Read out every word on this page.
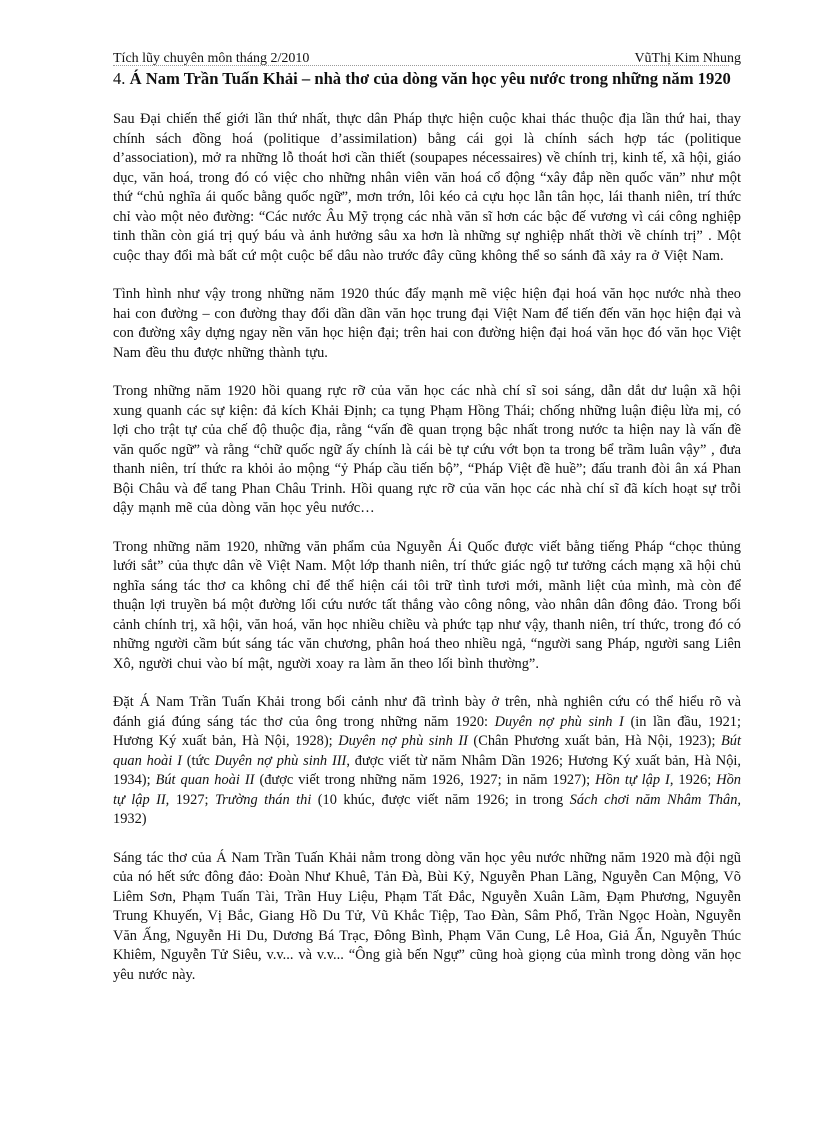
Tích lũy chuyên môn tháng 2/2010	VũThị Kim Nhung
4. Á Nam Trần Tuấn Khải – nhà thơ của dòng văn học yêu nước trong những năm 1920

Sau Đại chiến thế giới lần thứ nhất, thực dân Pháp thực hiện cuộc khai thác thuộc địa lần thứ hai, thay chính sách đồng hoá (politique d’assimilation) bằng cái gọi là chính sách hợp tác (politique d’association), mở ra những lỗ thoát hơi cần thiết (soupapes nécessaires) về chính trị, kinh tế, xã hội, giáo dục, văn hoá, trong đó có việc cho những nhân viên văn hoá cổ động “xây đắp nền quốc văn” như một thứ “chủ nghĩa ái quốc bằng quốc ngữ”, mơn trớn, lôi kéo cả cựu học lẫn tân học, lái thanh niên, trí thức chỉ vào một nẻo đường: “Các nước Âu Mỹ trọng các nhà văn sĩ hơn các bậc đế vương vì cái công nghiệp tinh thần còn giá trị quý báu và ảnh hưởng sâu xa hơn là những sự nghiệp nhất thời về chính trị” . Một cuộc thay đổi mà bất cứ một cuộc bể dâu nào trước đây cũng không thể so sánh đã xảy ra ở Việt Nam.

Tình hình như vậy trong những năm 1920 thúc đẩy mạnh mẽ việc hiện đại hoá văn học nước nhà theo hai con đường – con đường thay đổi dần dần văn học trung đại Việt Nam để tiến đến văn học hiện đại và con đường xây dựng ngay nền văn học hiện đại; trên hai con đường hiện đại hoá văn học đó văn học Việt Nam đều thu được những thành tựu.

Trong những năm 1920 hồi quang rực rỡ của văn học các nhà chí sĩ soi sáng, dẫn dắt dư luận xã hội xung quanh các sự kiện: đả kích Khải Định; ca tụng Phạm Hồng Thái; chống những luận điệu lừa mị, có lợi cho trật tự của chế độ thuộc địa, rằng “vấn đề quan trọng bậc nhất trong nước ta hiện nay là vấn đề văn quốc ngữ” và rằng “chữ quốc ngữ ấy chính là cái bè tự cứu vớt bọn ta trong bể trầm luân vậy” , đưa thanh niên, trí thức ra khỏi ảo mộng “ỷ Pháp cầu tiến bộ”, “Pháp Việt đề huề”; đấu tranh đòi ân xá Phan Bội Châu và để tang Phan Châu Trinh. Hồi quang rực rỡ của văn học các nhà chí sĩ đã kích hoạt sự trỗi dậy mạnh mẽ của dòng văn học yêu nước…

Trong những năm 1920, những văn phẩm của Nguyễn Ái Quốc được viết bằng tiếng Pháp “chọc thủng lưới sắt” của thực dân về Việt Nam. Một lớp thanh niên, trí thức giác ngộ tư tưởng cách mạng xã hội chủ nghĩa sáng tác thơ ca không chỉ để thể hiện cái tôi trữ tình tươi mới, mãnh liệt của mình, mà còn để thuận lợi truyền bá một đường lối cứu nước tất thắng vào công nông, vào nhân dân đông đảo. Trong bối cảnh chính trị, xã hội, văn hoá, văn học nhiều chiều và phức tạp như vậy, thanh niên, trí thức, trong đó có những người cầm bút sáng tác văn chương, phân hoá theo nhiều ngả, “người sang Pháp, người sang Liên Xô, người chui vào bí mật, người xoay ra làm ăn theo lối bình thường”.

Đặt Á Nam Trần Tuấn Khải trong bối cảnh như đã trình bày ở trên, nhà nghiên cứu có thể hiểu rõ và đánh giá đúng sáng tác thơ của ông trong những năm 1920: Duyên nợ phù sinh I (in lần đầu, 1921; Hương Ký xuất bản, Hà Nội, 1928); Duyên nợ phù sinh II (Chân Phương xuất bản, Hà Nội, 1923); Bút quan hoài I (tức Duyên nợ phù sinh III, được viết từ năm Nhâm Dần 1926; Hương Ký xuất bản, Hà Nội, 1934); Bút quan hoài II (được viết trong những năm 1926, 1927; in năm 1927); Hồn tự lập I, 1926; Hồn tự lập II, 1927; Trường thán thi (10 khúc, được viết năm 1926; in trong Sách chơi năm Nhâm Thân, 1932)

Sáng tác thơ của Á Nam Trần Tuấn Khải nằm trong dòng văn học yêu nước những năm 1920 mà đội ngũ của nó hết sức đông đảo: Đoàn Như Khuê, Tản Đà, Bùi Kỷ, Nguyễn Phan Lãng, Nguyễn Can Mộng, Võ Liêm Sơn, Phạm Tuấn Tài, Trần Huy Liệu, Phạm Tất Đắc, Nguyễn Xuân Lãm, Đạm Phương, Nguyễn Trung Khuyến, Vị Bắc, Giang Hồ Du Tử, Vũ Khắc Tiệp, Tao Đàn, Sâm Phổ, Trần Ngọc Hoàn, Nguyễn Văn Ấng, Nguyễn Hi Du, Dương Bá Trạc, Đông Bình, Phạm Văn Cung, Lê Hoa, Giả Ẩn, Nguyễn Thúc Khiêm, Nguyễn Tử Siêu, v.v... và v.v... “Ông già bến Ngự” cũng hoà giọng của mình trong dòng văn học yêu nước này.
